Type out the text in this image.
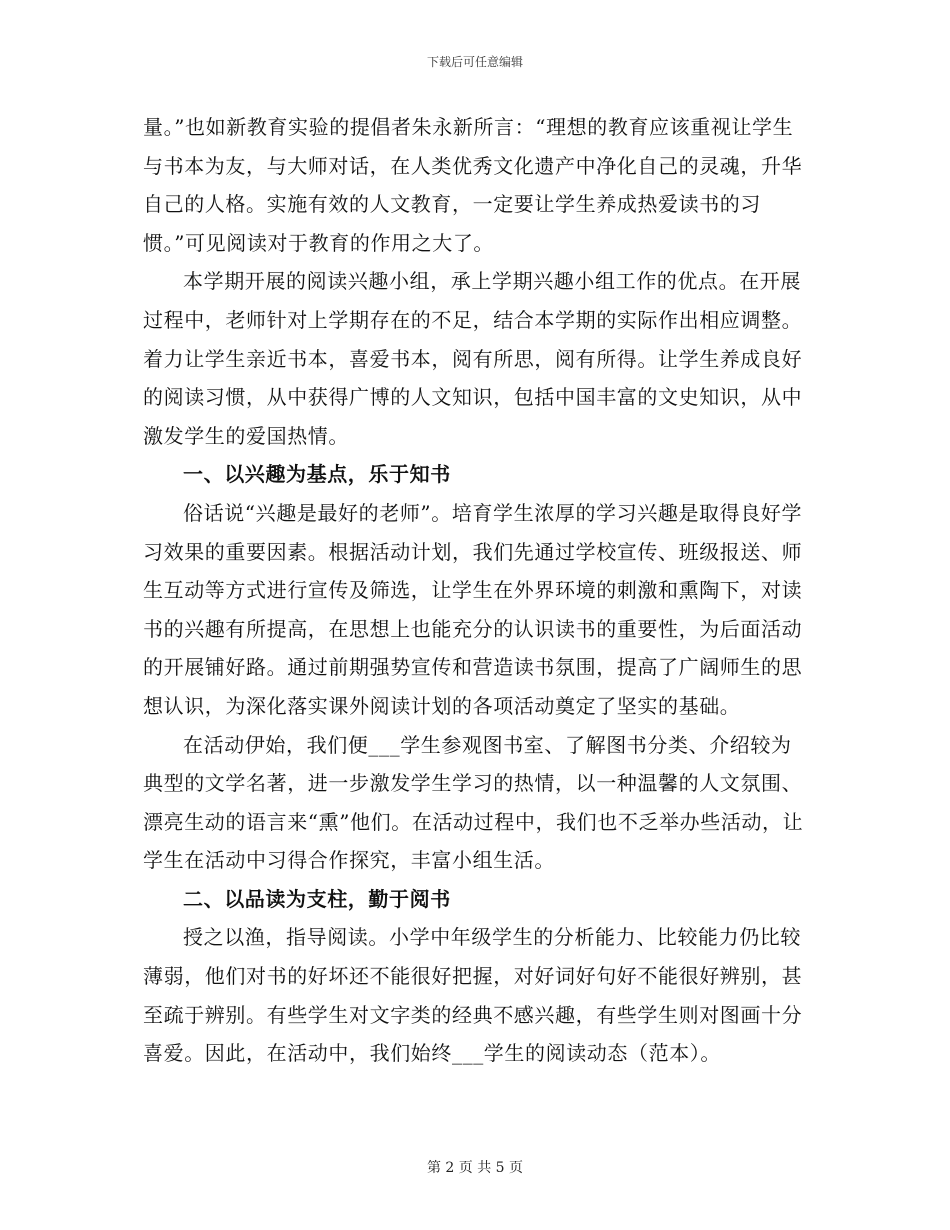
下载后可任意编辑

量。”也如新教育实验的提倡者朱永新所言：“理想的教育应该重视让学生与书本为友，与大师对话，在人类优秀文化遗产中净化自己的灵魂，升华自己的人格。实施有效的人文教育，一定要让学生养成热爱读书的习惯。”可见阅读对于教育的作用之大了。

本学期开展的阅读兴趣小组，承上学期兴趣小组工作的优点。在开展过程中，老师针对上学期存在的不足，结合本学期的实际作出相应调整。着力让学生亲近书本，喜爱书本，阅有所思，阅有所得。让学生养成良好的阅读习惯，从中获得广博的人文知识，包括中国丰富的文史知识，从中激发学生的爱国热情。

一、以兴趣为基点，乐于知书

俗话说“兴趣是最好的老师”。培育学生浓厚的学习兴趣是取得良好学习效果的重要因素。根据活动计划，我们先通过学校宣传、班级报送、师生互动等方式进行宣传及筛选，让学生在外界环境的刺激和熏陶下，对读书的兴趣有所提高，在思想上也能充分的认识读书的重要性，为后面活动的开展铺好路。通过前期强势宣传和营造读书氛围，提高了广阔师生的思想认识，为深化落实课外阅读计划的各项活动奠定了坚实的基础。

在活动伊始，我们便___学生参观图书室、了解图书分类、介绍较为典型的文学名著，进一步激发学生学习的热情，以一种温馨的人文氛围、漂亮生动的语言来“熏”他们。在活动过程中，我们也不乏举办些活动，让学生在活动中习得合作探究，丰富小组生活。

二、以品读为支柱，勤于阅书

授之以渔，指导阅读。小学中年级学生的分析能力、比较能力仍比较薄弱，他们对书的好坏还不能很好把握，对好词好句好不能很好辨别，甚至疏于辨别。有些学生对文字类的经典不感兴趣，有些学生则对图画十分喜爱。因此，在活动中，我们始终___学生的阅读动态（范本）。

第 2 页 共 5 页
